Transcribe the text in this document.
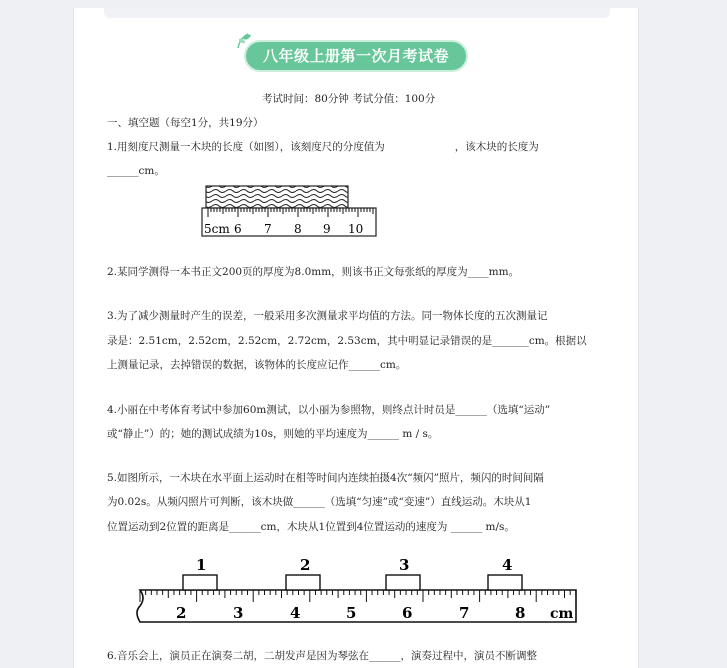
八年级上册第一次月考试卷
考试时间：80分钟 考试分值：100分
一、填空题（每空1分，共19分）
1.用刻度尺测量一木块的长度（如图），该刻度尺的分度值为	，该木块的长度为
______cm。
5cm 6 7 8 9 10
2.某同学测得一本书正文200页的厚度为8.0mm，则该书正文每张纸的厚度为____mm。
3.为了减少测量时产生的误差，一般采用多次测量求平均值的方法。同一物体长度的五次测量记
录是：2.51cm，2.52cm，2.52cm，2.72cm，2.53cm，其中明显记录错误的是_______cm。根据以
上测量记录，去掉错误的数据，该物体的长度应记作______cm。
4.小丽在中考体育考试中参加60m测试，以小丽为参照物，则终点计时员是______（选填“运动”
或“静止”）的；她的测试成绩为10s，则她的平均速度为______ m / s。
5.如图所示，一木块在水平面上运动时在相等时间内连续拍摄4次“频闪”照片，频闪的时间间隔
为0.02s。从频闪照片可判断，该木块做______（选填“匀速”或“变速”）直线运动。木块从1
位置运动到2位置的距离是______cm，木块从1位置到4位置运动的速度为 ______ m/s。
1	2	3	4
2	3	4	5	6	7	8 cm
6.音乐会上，演员正在演奏二胡，二胡发声是因为琴弦在______，演奏过程中，演员不断调整
